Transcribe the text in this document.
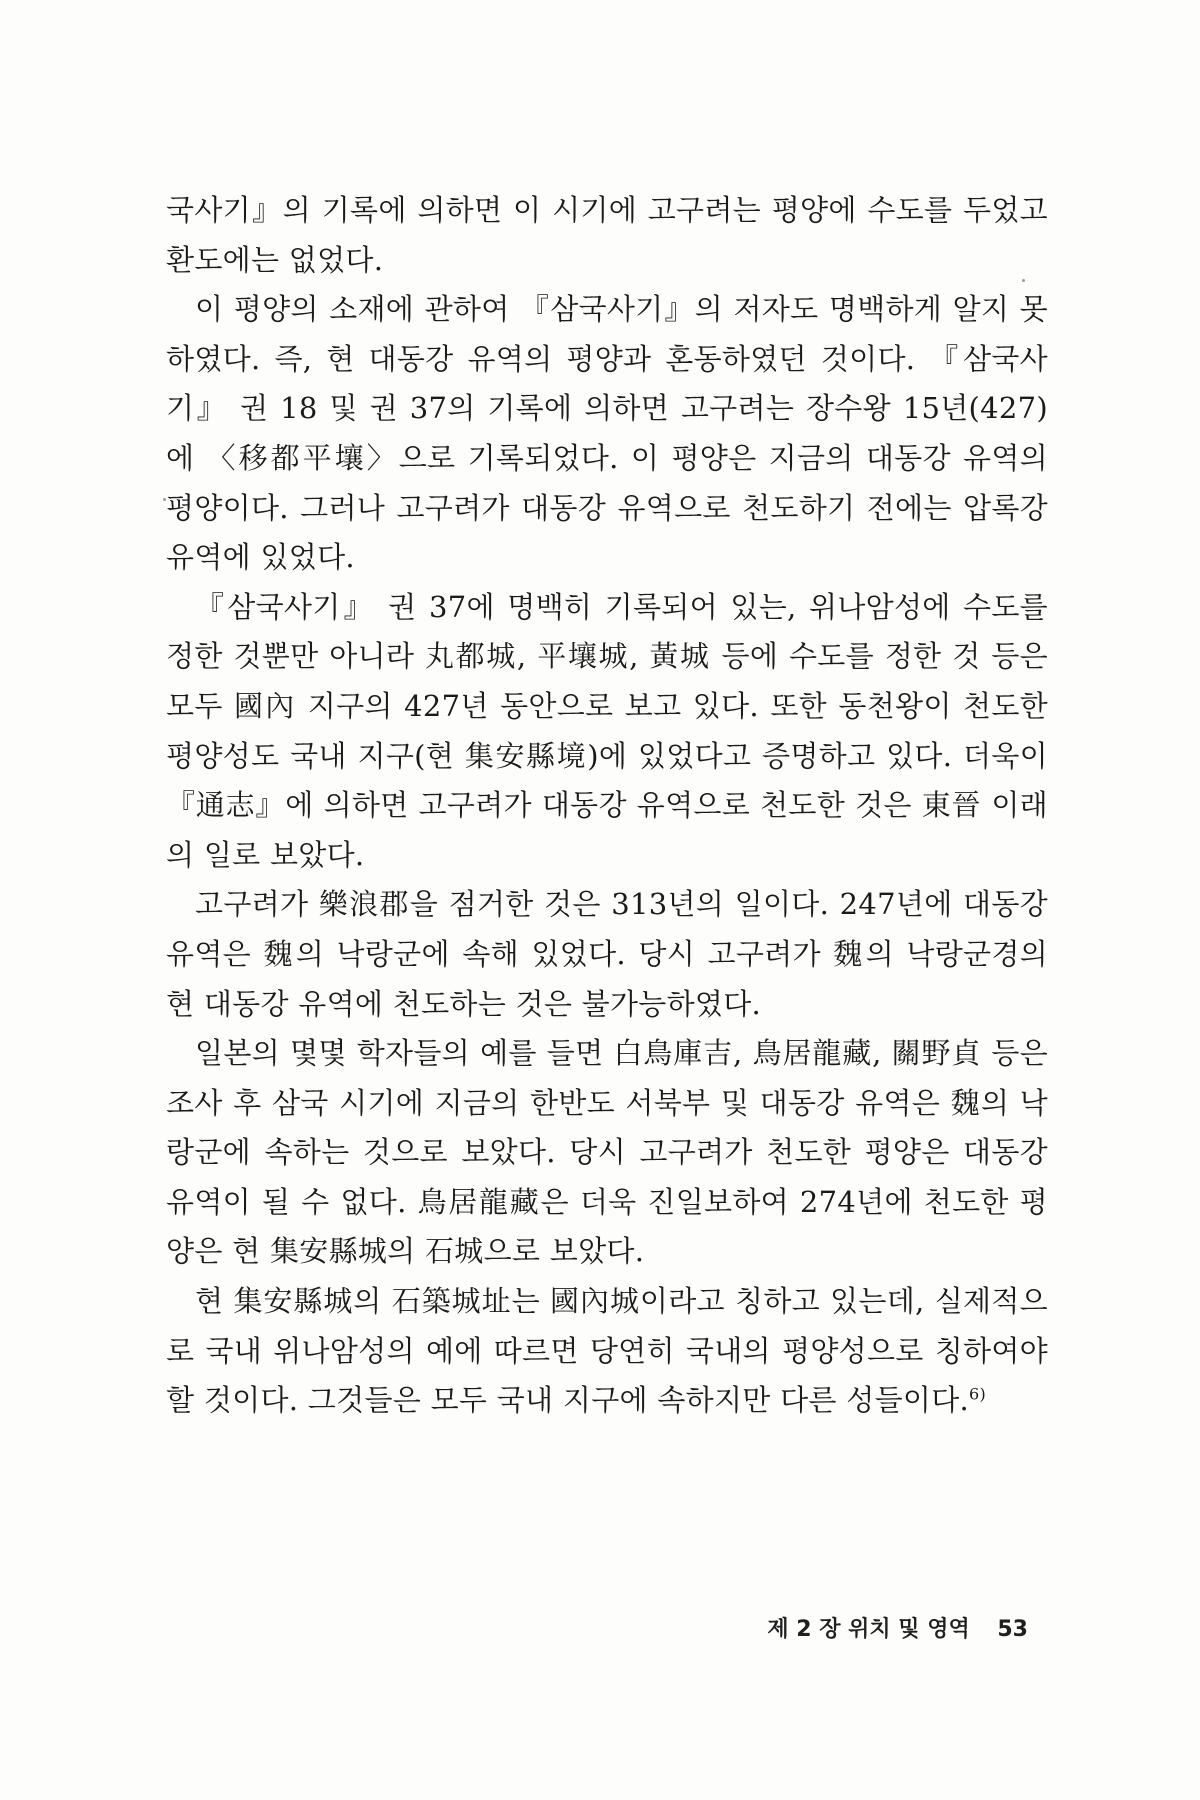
국사기』의 기록에 의하면 이 시기에 고구려는 평양에 수도를 두었고 환도에는 없었다.

이 평양의 소재에 관하여 『삼국사기』의 저자도 명백하게 알지 못하였다. 즉, 현 대동강 유역의 평양과 혼동하였던 것이다. 『삼국사기』 권 18 및 권 37의 기록에 의하면 고구려는 장수왕 15년(427)에 〈移都平壤〉으로 기록되었다. 이 평양은 지금의 대동강 유역의 평양이다. 그러나 고구려가 대동강 유역으로 천도하기 전에는 압록강 유역에 있었다.

『삼국사기』 권 37에 명백히 기록되어 있는, 위나암성에 수도를 정한 것뿐만 아니라 丸都城, 平壤城, 黃城 등에 수도를 정한 것 등은 모두 國內 지구의 427년 동안으로 보고 있다. 또한 동천왕이 천도한 평양성도 국내 지구(현 集安縣境)에 있었다고 증명하고 있다. 더욱이 『通志』에 의하면 고구려가 대동강 유역으로 천도한 것은 東晉 이래의 일로 보았다.

고구려가 樂浪郡을 점거한 것은 313년의 일이다. 247년에 대동강 유역은 魏의 낙랑군에 속해 있었다. 당시 고구려가 魏의 낙랑군경의 현 대동강 유역에 천도하는 것은 불가능하였다.

일본의 몇몇 학자들의 예를 들면 白鳥庫吉, 鳥居龍藏, 關野貞 등은 조사 후 삼국 시기에 지금의 한반도 서북부 및 대동강 유역은 魏의 낙랑군에 속하는 것으로 보았다. 당시 고구려가 천도한 평양은 대동강 유역이 될 수 없다. 鳥居龍藏은 더욱 진일보하여 274년에 천도한 평양은 현 集安縣城의 石城으로 보았다.

현 集安縣城의 石築城址는 國內城이라고 칭하고 있는데, 실제적으로 국내 위나암성의 예에 따르면 당연히 국내의 평양성으로 칭하여야 할 것이다. 그것들은 모두 국내 지구에 속하지만 다른 성들이다.$^{6)}$

제 2 장 위치 및 영역 53
